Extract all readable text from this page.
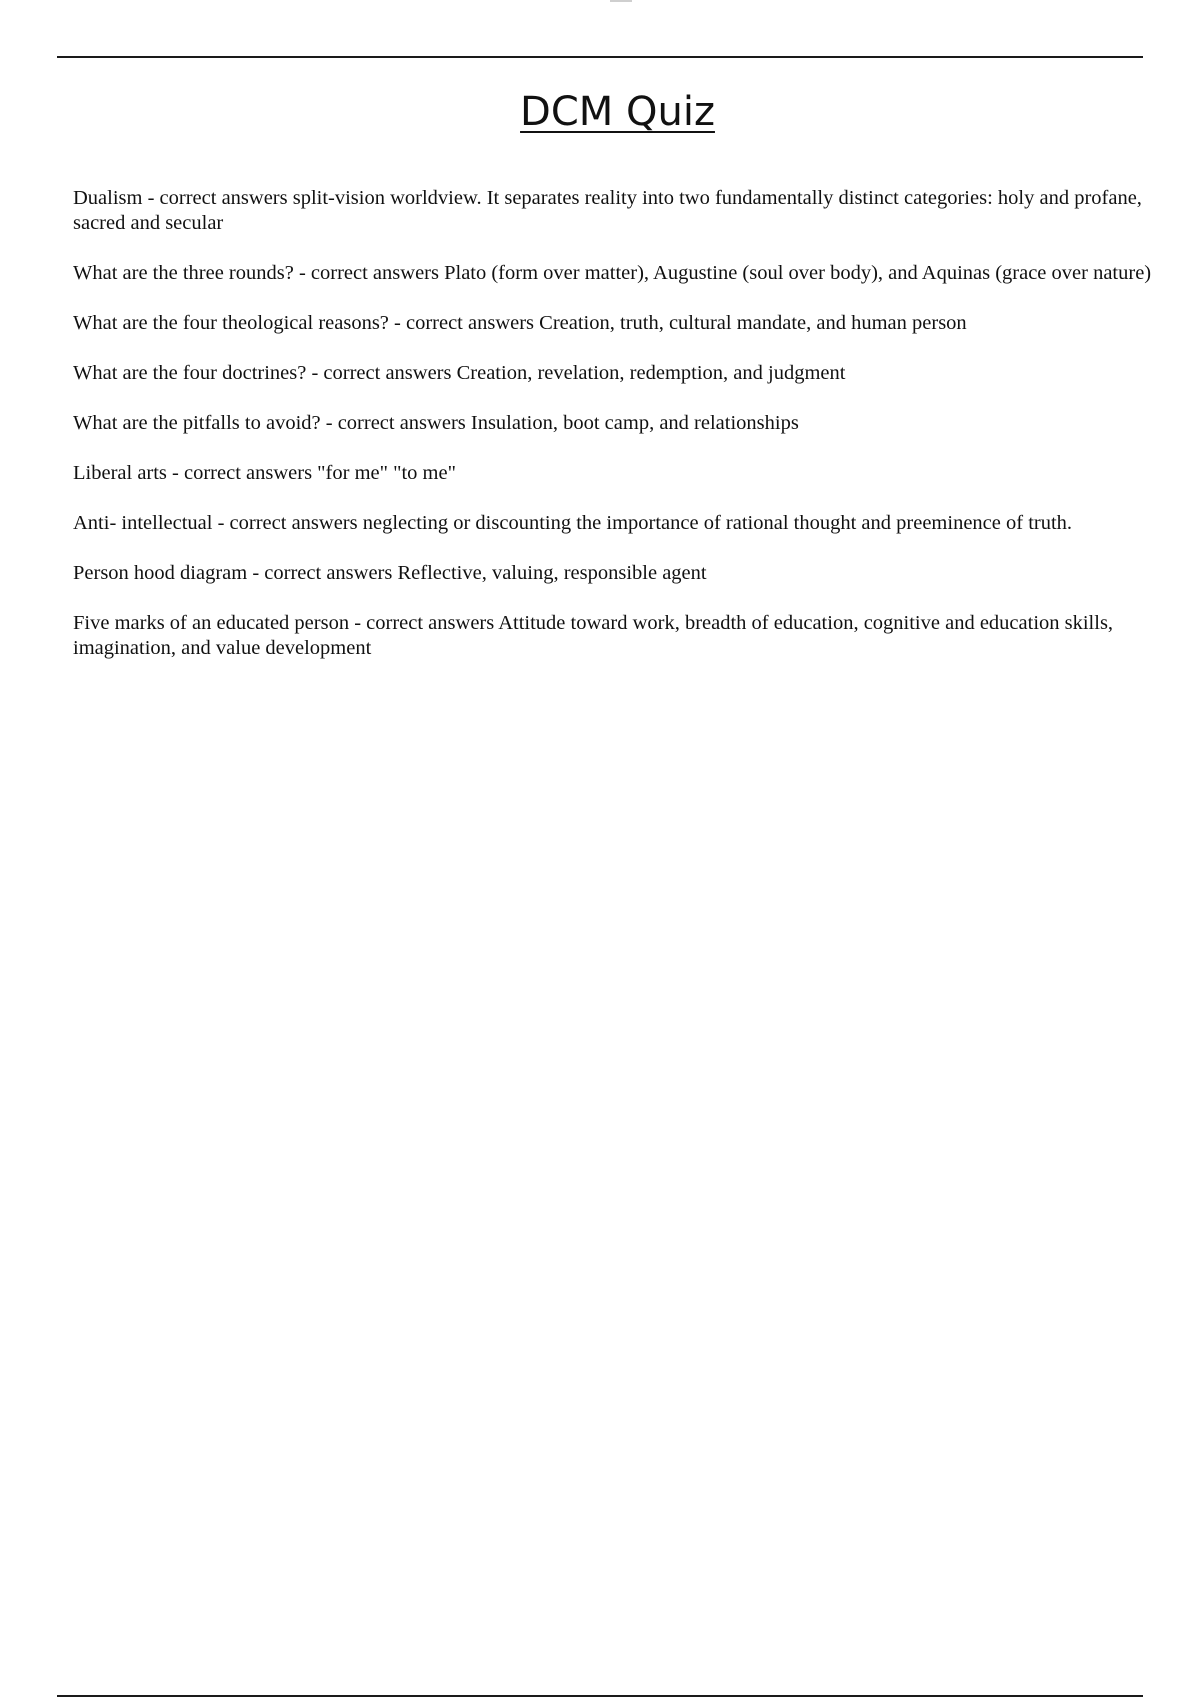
DCM Quiz
Dualism - correct answers split-vision worldview. It separates reality into two fundamentally distinct categories: holy and profane, sacred and secular
What are the three rounds? - correct answers Plato (form over matter), Augustine (soul over body), and Aquinas (grace over nature)
What are the four theological reasons? - correct answers Creation, truth, cultural mandate, and human person
What are the four doctrines? - correct answers Creation, revelation, redemption, and judgment
What are the pitfalls to avoid? - correct answers Insulation, boot camp, and relationships
Liberal arts - correct answers "for me" "to me"
Anti- intellectual - correct answers neglecting or discounting the importance of rational thought and preeminence of truth.
Person hood diagram - correct answers Reflective, valuing, responsible agent
Five marks of an educated person - correct answers Attitude toward work, breadth of education, cognitive and education skills, imagination, and value development
